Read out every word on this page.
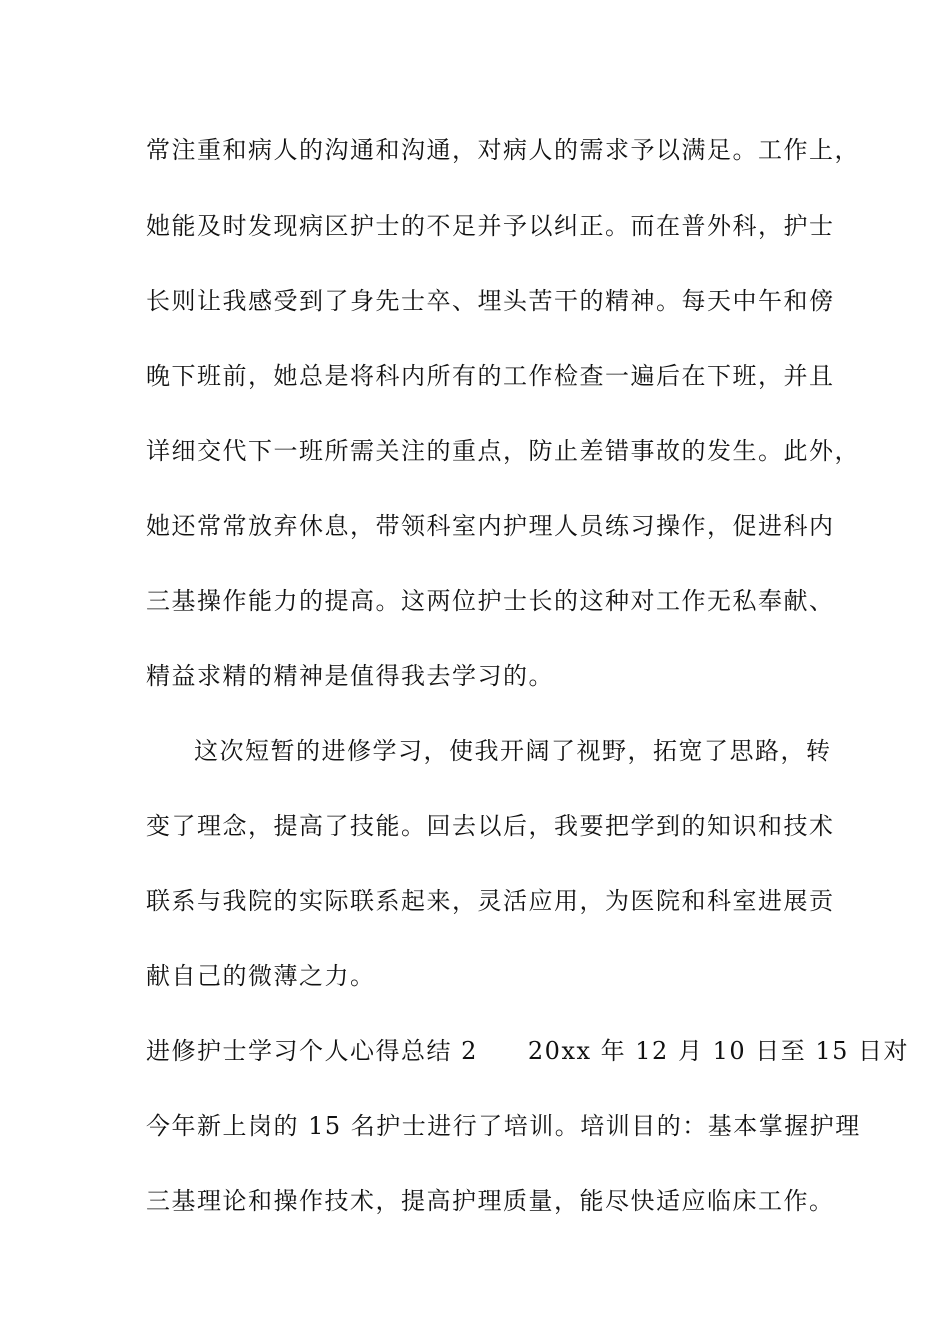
常注重和病人的沟通和沟通，对病人的需求予以满足。工作上，
她能及时发现病区护士的不足并予以纠正。而在普外科，护士
长则让我感受到了身先士卒、埋头苦干的精神。每天中午和傍
晚下班前，她总是将科内所有的工作检查一遍后在下班，并且
详细交代下一班所需关注的重点，防止差错事故的发生。此外，
她还常常放弃休息，带领科室内护理人员练习操作，促进科内
三基操作能力的提高。这两位护士长的这种对工作无私奉献、
精益求精的精神是值得我去学习的。
这次短暂的进修学习，使我开阔了视野，拓宽了思路，转
变了理念，提高了技能。回去以后，我要把学到的知识和技术
联系与我院的实际联系起来，灵活应用，为医院和科室进展贡
献自己的微薄之力。
进修护士学习个人心得总结 2 20xx 年 12 月 10 日至 15 日对
今年新上岗的 15 名护士进行了培训。培训目的：基本掌握护理
三基理论和操作技术，提高护理质量，能尽快适应临床工作。
